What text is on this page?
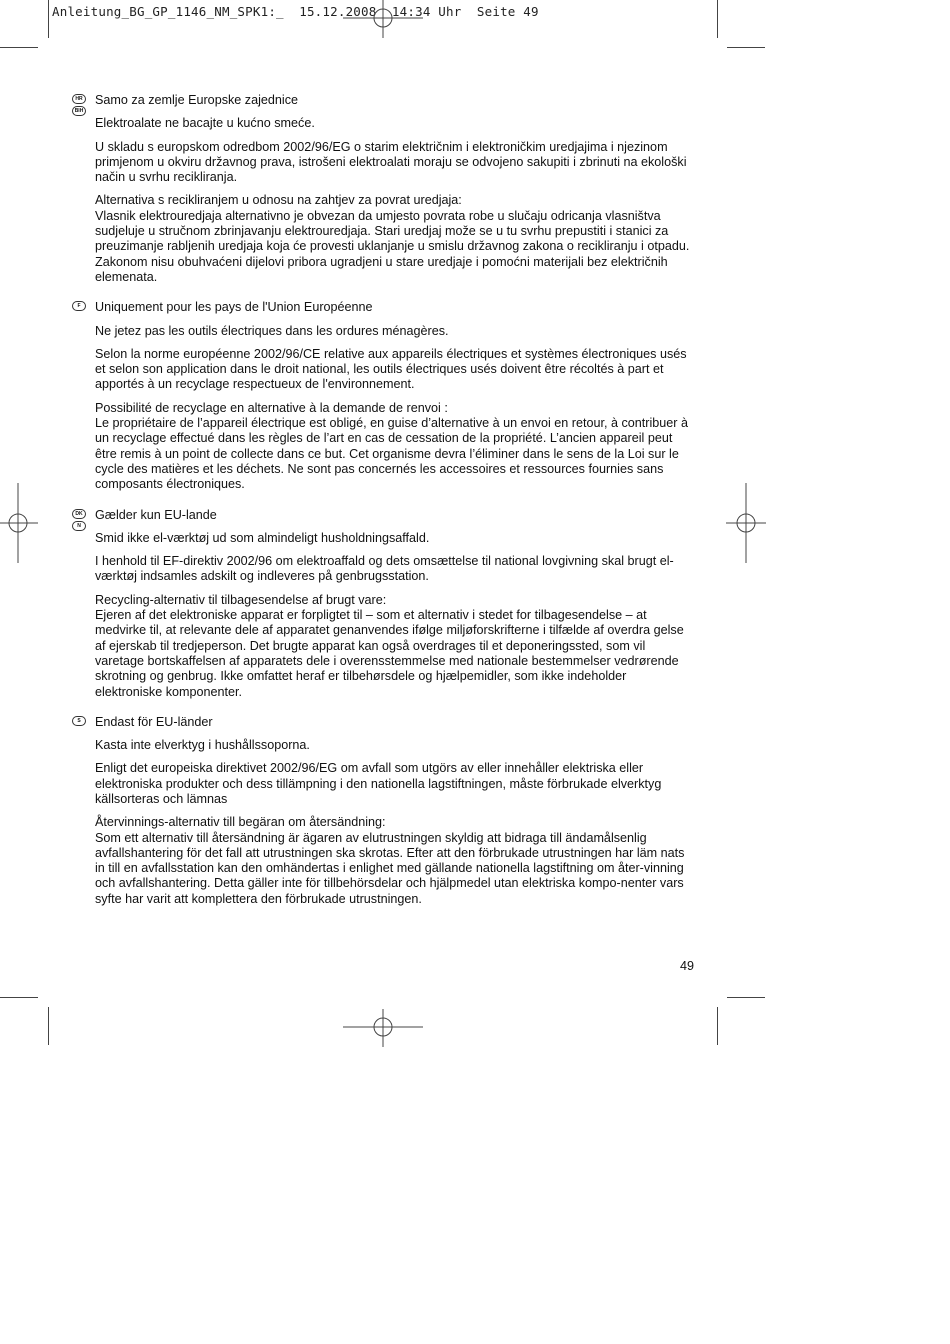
Anleitung_BG_GP_1146_NM_SPK1:_  15.12.2008  14:34 Uhr  Seite 49
HR
BIH

Samo za zemlje Europske zajednice

Elektroalate ne bacajte u kućno smeće.

U skladu s europskom odredbom 2002/96/EG o starim električnim i elektroničkim uredjajima i njezinom primjenom u okviru državnog prava, istrošeni elektroalati moraju se odvojeno sakupiti i zbrinuti na ekološki način u svrhu recikliranja.

Alternativa s recikliranjem u odnosu na zahtjev za povrat uredjaja:

Vlasnik elektrouredjaja alternativno je obvezan da umjesto povrata robe u slučaju odricanja vlasništva sudjeluje u stručnom zbrinjavanju elektrouredjaja. Stari uredjaj može se u tu svrhu prepustiti i stanici za preuzimanje rabljenih uredjaja koja će provesti uklanjanje u smislu državnog zakona o recikliranju i otpadu. Zakonom nisu obuhvaćeni dijelovi pribora ugradjeni u stare uredjaje i pomoćni materijali bez električnih elemenata.

F	Uniquement pour les pays de l'Union Européenne

Ne jetez pas les outils électriques dans les ordures ménagères.

Selon la norme européenne 2002/96/CE relative aux appareils électriques et systèmes électroniques usés et selon son application dans le droit national, les outils électriques usés doivent être récoltés à part et apportés à un recyclage respectueux de l'environnement.

Possibilité de recyclage en alternative à la demande de renvoi :

Le propriétaire de l’appareil électrique est obligé, en guise d’alternative à un envoi en retour, à contribuer à un recyclage effectué dans les règles de l’art en cas de cessation de la propriété. L’ancien appareil peut être remis à un point de collecte dans ce but. Cet organisme devra l’éliminer dans le sens de la Loi sur le cycle des matières et les déchets. Ne sont pas concernés les accessoires et ressources fournies sans composants électroniques.

DK
N

Gælder kun EU-lande

Smid ikke el-værktøj ud som almindeligt husholdningsaffald.

I henhold til EF-direktiv 2002/96 om elektroaffald og dets omsættelse til national lovgivning skal brugt el-værktøj indsamles adskilt og indleveres på genbrugsstation.

Recycling-alternativ til tilbagesendelse af brugt vare:

Ejeren af det elektroniske apparat er forpligtet til – som et alternativ i stedet for tilbagesendelse – at medvirke til, at relevante dele af apparatet genanvendes ifølge miljøforskrifterne i tilfælde af overdra gelse af ejerskab til tredjeperson. Det brugte apparat kan også overdrages til et deponeringssted, som vil varetage bortskaffelsen af apparatets dele i overensstemmelse med nationale bestemmelser vedrørende skrotning og genbrug. Ikke omfattet heraf er tilbehørsdele og hjælpemidler, som ikke indeholder elektroniske komponenter.

S	Endast för EU-länder

Kasta inte elverktyg i hushållssoporna.

Enligt det europeiska direktivet 2002/96/EG om avfall som utgörs av eller innehåller elektriska eller elektroniska produkter och dess tillämpning i den nationella lagstiftningen, måste förbrukade elverktyg källsorteras och lämnas

Återvinnings-alternativ till begäran om återsändning:

Som ett alternativ till återsändning är ägaren av elutrustningen skyldig att bidraga till ändamålsenlig avfallshantering för det fall att utrustningen ska skrotas. Efter att den förbrukade utrustningen har läm nats in till en avfallsstation kan den omhändertas i enlighet med gällande nationella lagstiftning om åter-vinning och avfallshantering. Detta gäller inte för tillbehörsdelar och hjälpmedel utan elektriska kompo-nenter vars syfte har varit att komplettera den förbrukade utrustningen.

49
